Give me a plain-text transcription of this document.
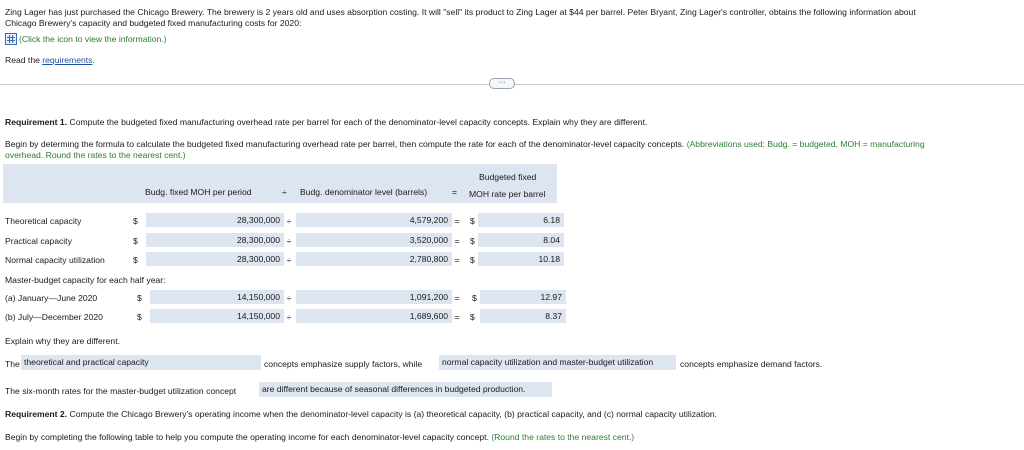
Zing Lager has just purchased the Chicago Brewery. The brewery is 2 years old and uses absorption costing. It will "sell" its product to Zing Lager at $44 per barrel. Peter Bryant, Zing Lager's controller, obtains the following information about
Chicago Brewery's capacity and budgeted fixed manufacturing costs for 2020:
(Click the icon to view the information.)
Read the requirements.
···
Requirement 1. Compute the budgeted fixed manufacturing overhead rate per barrel for each of the denominator-level capacity concepts. Explain why they are different.
Begin by determing the formula to calculate the budgeted fixed manufacturing overhead rate per barrel, then compute the rate for each of the denominator-level capacity concepts. (Abbreviations used: Budg. = budgeted, MOH = manufacturing
overhead. Round the rates to the nearest cent.)
Budg. fixed MOH per period	÷ Budg. denominator level (barrels)	=
Budgeted fixed
MOH rate per barrel
Theoretical capacity	$	28,300,000 ÷	4,579,200 = $	6.18
Practical capacity	$	28,300,000 ÷	3,520,000 = $	8.04
Normal capacity utilization	$	28,300,000 ÷	2,780,800 = $	10.18
Master-budget capacity for each half year:
(a) January—June 2020	$	14,150,000 ÷	1,091,200 = $	12.97
(b) July—December 2020	$	14,150,000 ÷	1,689,600 = $	8.37
Explain why they are different.
The theoretical and practical capacity	concepts emphasize supply factors, while	normal capacity utilization and master-budget utilization	concepts emphasize demand factors.
The six-month rates for the master-budget utilization concept	are different because of seasonal differences in budgeted production.
Requirement 2. Compute the Chicago Brewery's operating income when the denominator-level capacity is (a) theoretical capacity, (b) practical capacity, and (c) normal capacity utilization.
Begin by completing the following table to help you compute the operating income for each denominator-level capacity concept. (Round the rates to the nearest cent.)
